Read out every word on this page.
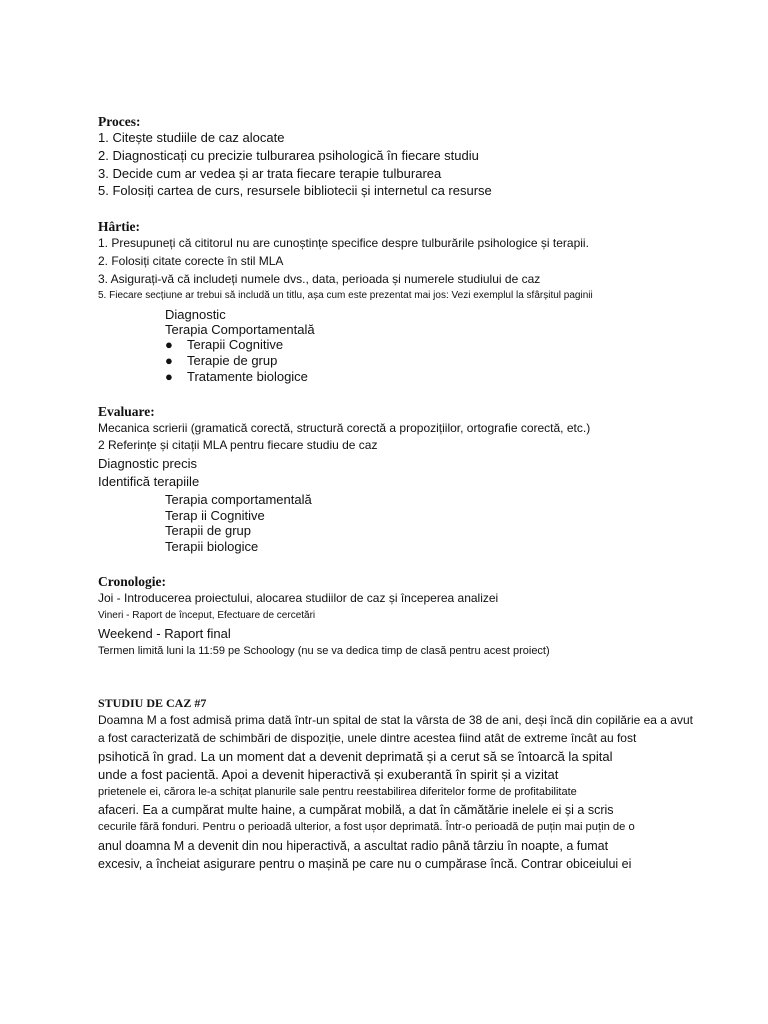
Proces:
1. Citește studiile de caz alocate
2. Diagnosticați cu precizie tulburarea psihologică în fiecare studiu
3. Decide cum ar vedea și ar trata fiecare terapie tulburarea
5. Folosiți cartea de curs, resursele bibliotecii și internetul ca resurse
Hârtie:
1. Presupuneți că cititorul nu are cunoștințe specifice despre tulburările psihologice și terapii.
2. Folosiți citate corecte în stil MLA
3. Asigurați-vă că includeți numele dvs., data, perioada și numerele studiului de caz
5. Fiecare secțiune ar trebui să includă un titlu, așa cum este prezentat mai jos: Vezi exemplul la sfârșitul paginii
Diagnostic
Terapia Comportamentală
● Terapii Cognitive
● Terapie de grup
● Tratamente biologice
Evaluare:
Mecanica scrierii (gramatică corectă, structură corectă a propozițiilor, ortografie corectă, etc.)
2 Referințe și citații MLA pentru fiecare studiu de caz
Diagnostic precis
Identifică terapiile
Terapia comportamentală
Terap ii Cognitive
Terapii de grup
Terapii biologice
Cronologie:
Joi - Introducerea proiectului, alocarea studiilor de caz și începerea analizei
Vineri - Raport de început, Efectuare de cercetări
Weekend - Raport final
Termen limită luni la 11:59 pe Schoology (nu se va dedica timp de clasă pentru acest proiect)
STUDIU DE CAZ #7
Doamna M a fost admisă prima dată într-un spital de stat la vârsta de 38 de ani, deși încă din copilărie ea a avut
a fost caracterizată de schimbări de dispoziție, unele dintre acestea fiind atât de extreme încât au fost
psihotică în grad. La un moment dat a devenit deprimată și a cerut să se întoarcă la spital
unde a fost pacientă. Apoi a devenit hiperactivă și exuberantă în spirit și a vizitat
prietenele ei, cărora le-a schițat planurile sale pentru reestabilirea diferitelor forme de profitabilitate
afaceri. Ea a cumpărat multe haine, a cumpărat mobilă, a dat în cămătărie inelele ei și a scris
cecurile fără fonduri. Pentru o perioadă ulterior, a fost ușor deprimată. Într-o perioadă de puțin mai puțin de o
anul doamna M a devenit din nou hiperactivă, a ascultat radio până târziu în noapte, a fumat
excesiv, a încheiat asigurare pentru o mașină pe care nu o cumpărase încă. Contrar obiceiului ei
